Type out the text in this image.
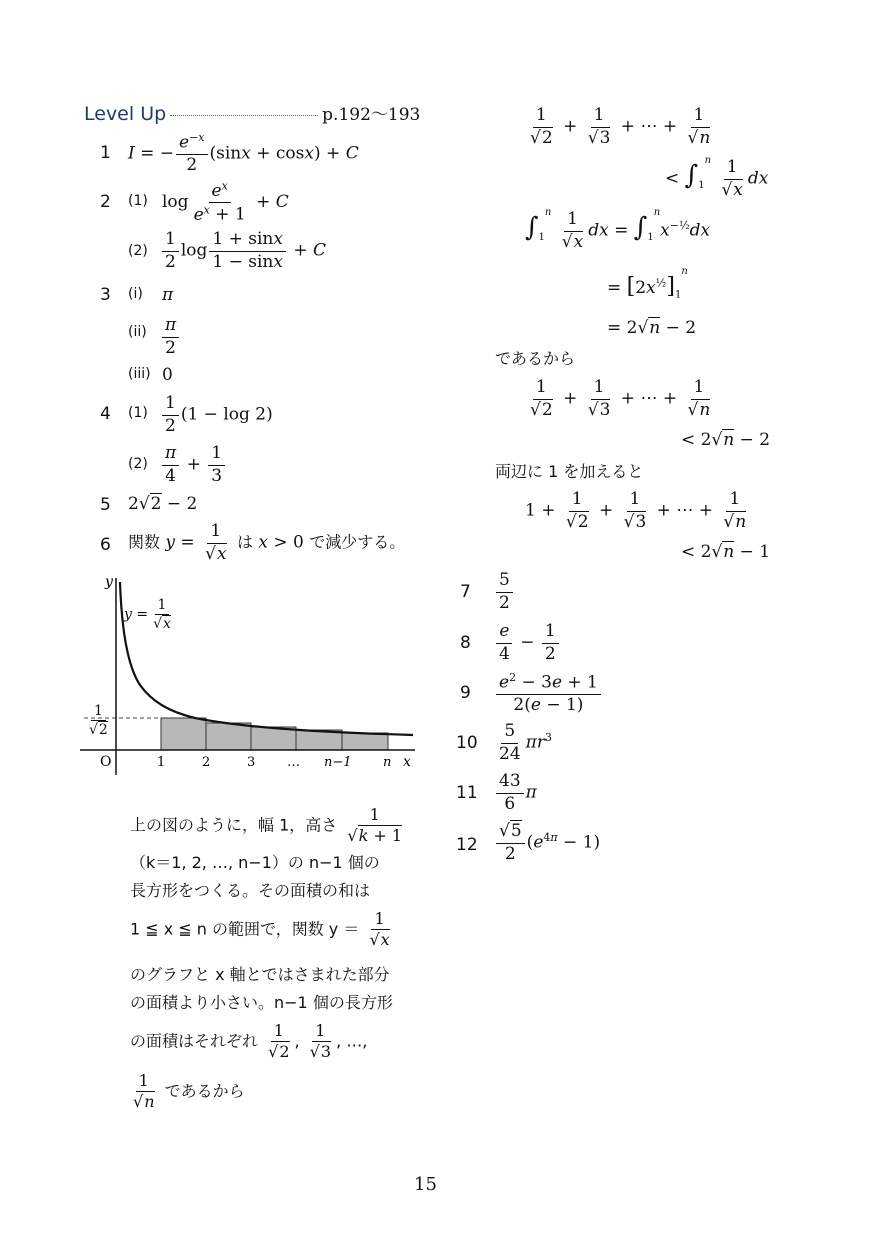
Level Up	p.192～193
1 I = − $\frac{e^{-x}}{2} (\sin x + \cos x) + C$
2 (1) $\log \frac{e^x}{e^x + 1} + C$
$(2) \frac{1}{2}$ $\log \frac{1 + \sin x}{1 - \sin x} + C$
3 (i) π
$(ii) \frac{\pi}{2}$
(iii) 0
4 $(1) \frac{1}{2} (1 - \log 2)$
$(2) \frac{\pi}{4} + \frac{1}{3}$
5 2√2 − 2
6 関数 $y = \frac{1}{√x}$ は x > 0 で減少する。
y
x
O	1	2	3 … n−1 n
$y = \frac{1}{√x}$
$\frac{1}{√2}$
上の図のように，幅 1，高さ $\frac{1}{√k + 1}$
（k＝1, 2, …, n−1）の n−1 個の
長方形をつくる。その面積の和は
1 ≦ x ≦ n の範囲で，関数 $y = \frac{1}{√x}$
のグラフと x 軸とではさまれた部分
の面積より小さい。n−1 個の長方形
の面積はそれぞれ $\frac{1}{√2}$ , $\frac{1}{√3}$ , …,
$\frac{1}{√n}$ であるから
$\frac{1}{√2} + \frac{1}{√3}$ + ⋯ + $\frac{1}{√n}$
< $\int_1^n \frac{1}{√x}$ dx
$\int_1^n \frac{1}{√x}$ dx = $\int_1^nx^{-\frac{1}{2}}dx$
= $[2x^{\frac{1}{2}}]_1^n$
= 2√n − 2
であるから
$\frac{1}{√2} + \frac{1}{√3}$ + ⋯ + $\frac{1}{√n}$
< 2√n − 2
両辺に 1 を加えると
$1 + \frac{1}{√2} + \frac{1}{√3}$ + ⋯ + $\frac{1}{√n}$
< 2√n − 1
$7 \frac{5}{2}$
$8 \frac{e}{4} - \frac{1}{2}$
$9 \frac{e^2 - 3e + 1}{2(e - 1)}$
$10 \frac{5}{24} \pi r^3$
$11 \frac{43}{6}$ π
$12 \frac{√5}{2} (e^{4\pi} - 1)$
15
